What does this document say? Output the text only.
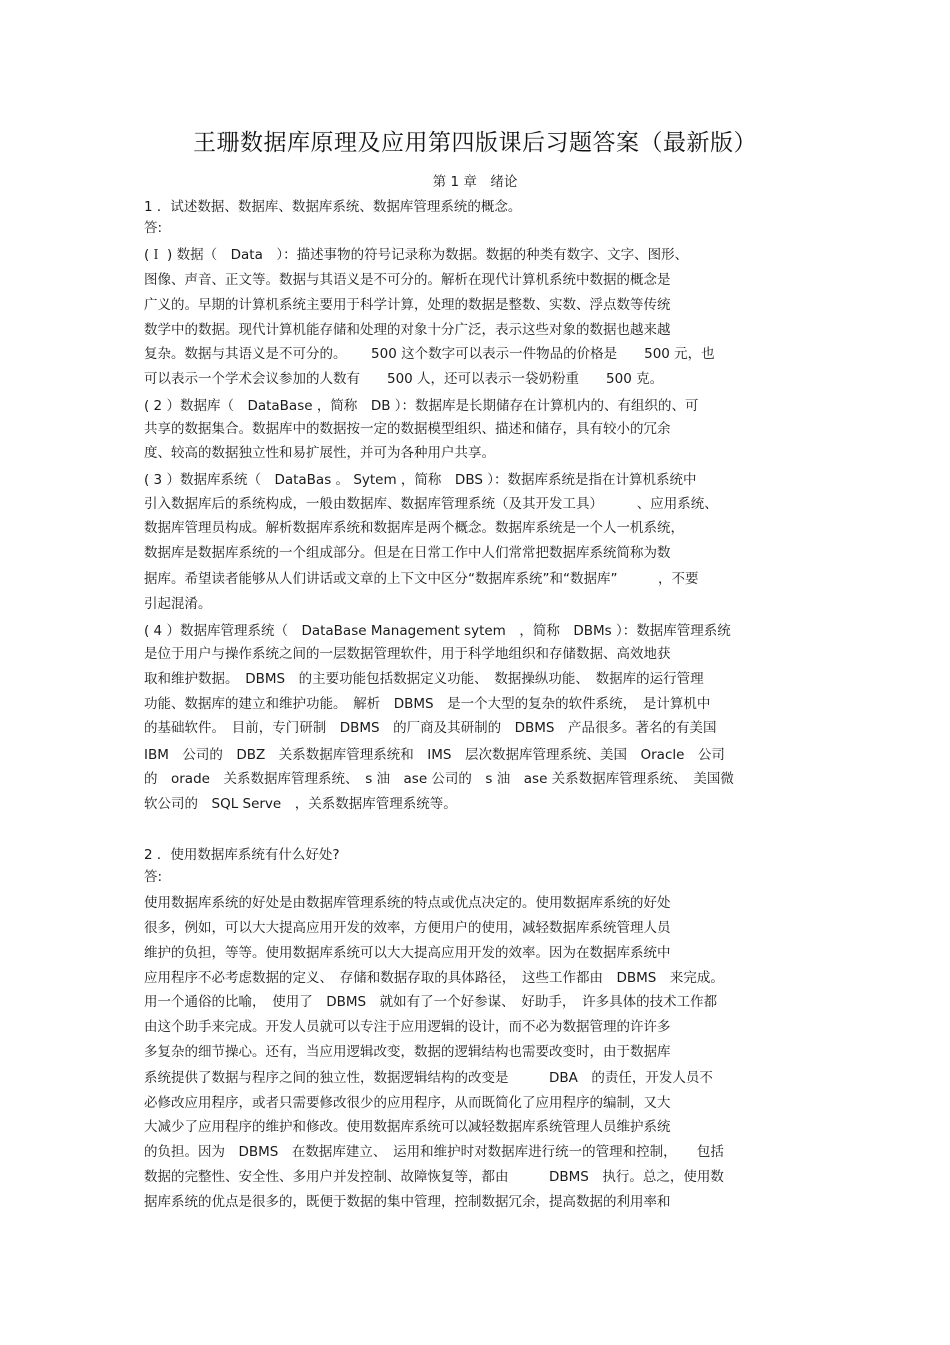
王珊数据库原理及应用第四版课后习题答案（最新版）
第 1 章　绪论
1 ．试述数据、数据库、数据库系统、数据库管理系统的概念。
答:
(Ｉ ) 数据（　Data　）：描述事物的符号记录称为数据。数据的种类有数字、文字、图形、
图像、声音、正文等。数据与其语义是不可分的。解析在现代计算机系统中数据的概念是
广义的。早期的计算机系统主要用于科学计算，处理的数据是整数、实数、浮点数等传统
数学中的数据。现代计算机能存储和处理的对象十分广泛，表示这些对象的数据也越来越
复杂。数据与其语义是不可分的。　　 500 这个数字可以表示一件物品的价格是　　500 元，也
可以表示一个学术会议参加的人数有　　500 人，还可以表示一袋奶粉重　　500 克。
( 2 ）数据库（　DataBase ，简称　DB ）：数据库是长期储存在计算机内的、有组织的、可
共享的数据集合。数据库中的数据按一定的数据模型组织、描述和储存，具有较小的冗余
度、较高的数据独立性和易扩展性，并可为各种用户共享。
( 3 ）数据库系统（　DataBas 。 Sytem ，简称　DBS ）：数据库系统是指在计算机系统中
引入数据库后的系统构成，一般由数据库、数据库管理系统（及其开发工具）　　　、应用系统、
数据库管理员构成。解析数据库系统和数据库是两个概念。数据库系统是一个人一机系统，
数据库是数据库系统的一个组成部分。但是在日常工作中人们常常把数据库系统简称为数
据库。希望读者能够从人们讲话或文章的上下文中区分“数据库系统”和“数据库”　　　，不要
引起混淆。
( 4 ）数据库管理系统（　DataBase Management sytem　，简称　DBMs ）：数据库管理系统
是位于用户与操作系统之间的一层数据管理软件，用于科学地组织和存储数据、高效地获
取和维护数据。　DBMS　的主要功能包括数据定义功能、　数据操纵功能、　数据库的运行管理
功能、数据库的建立和维护功能。　解析　DBMS　是一个大型的复杂的软件系统，　是计算机中
的基础软件。　目前，专门研制　DBMS　的厂商及其研制的　DBMS　产品很多。著名的有美国
IBM　公司的　DBZ　关系数据库管理系统和　IMS　层次数据库管理系统、美国　Oracle　公司
的　orade　关系数据库管理系统、　s 油　ase 公司的　s 油　ase 关系数据库管理系统、　美国微
软公司的　SQL Serve　，关系数据库管理系统等。
2 ．使用数据库系统有什么好处?
答:
使用数据库系统的好处是由数据库管理系统的特点或优点决定的。使用数据库系统的好处
很多，例如，可以大大提高应用开发的效率，方便用户的使用，减轻数据库系统管理人员
维护的负担，等等。使用数据库系统可以大大提高应用开发的效率。因为在数据库系统中
应用程序不必考虑数据的定义、　存储和数据存取的具体路径，　这些工作都由　DBMS　来完成。
用一个通俗的比喻，　使用了　DBMS　就如有了一个好参谋、　好助手，　许多具体的技术工作都
由这个助手来完成。开发人员就可以专注于应用逻辑的设计，而不必为数据管理的许许多
多复杂的细节操心。还有，当应用逻辑改变，数据的逻辑结构也需要改变时，由于数据库
系统提供了数据与程序之间的独立性，数据逻辑结构的改变是　　　DBA　的责任，开发人员不
必修改应用程序，或者只需要修改很少的应用程序，从而既简化了应用程序的编制，又大
大减少了应用程序的维护和修改。使用数据库系统可以减轻数据库系统管理人员维护系统
的负担。因为　DBMS　在数据库建立、　运用和维护时对数据库进行统一的管理和控制，　　包括
数据的完整性、安全性、多用户并发控制、故障恢复等，都由　　　DBMS　执行。总之，使用数
据库系统的优点是很多的，既便于数据的集中管理，控制数据冗余，提高数据的利用率和
